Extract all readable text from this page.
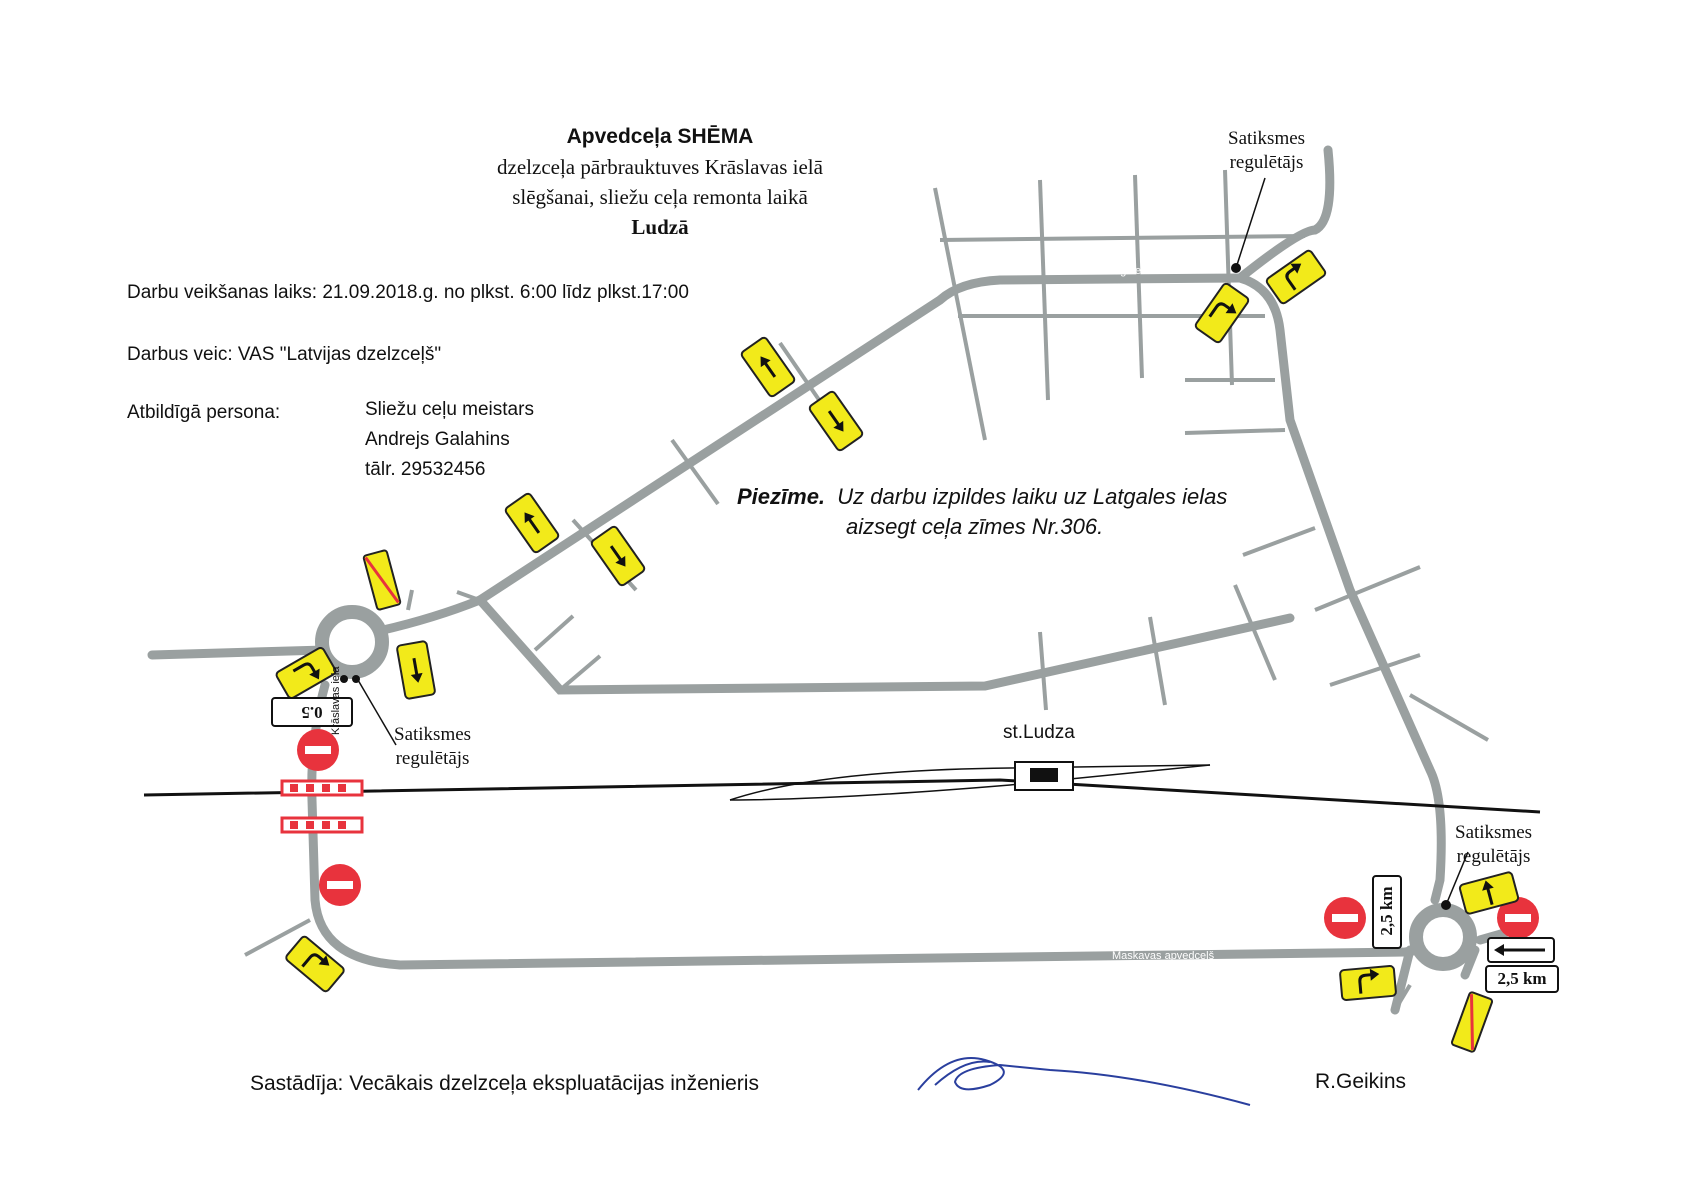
Apvedceļa SHĒMA
dzelzceļa pārbrauktuves Krāslavas ielā
slēgšanai, sliežu ceļa remonta laikā
Ludzā
Darbu veikšanas laiks: 21.09.2018.g. no plkst. 6:00 līdz plkst.17:00
Darbus veic: VAS "Latvijas dzelzceļš"
Atbildīgā persona:	Sliežu ceļu meistars
Andrejs Galahins
tālr. 29532456
Piezīme. Uz darbu izpildes laiku uz Latgales ielas
aizsegt ceļa zīmes Nr.306.
Latgales iela
Maskavas apvedceļš
Krāslavas iela	st.Ludza
Satiksmes
regulētājs
Satiksmes
regulētājs
Satiksmes
regulētājs
0.5
2,5 km
2,5 km
Sastādīja: Vecākais dzelzceļa ekspluatācijas inženieris	R.Geikins
